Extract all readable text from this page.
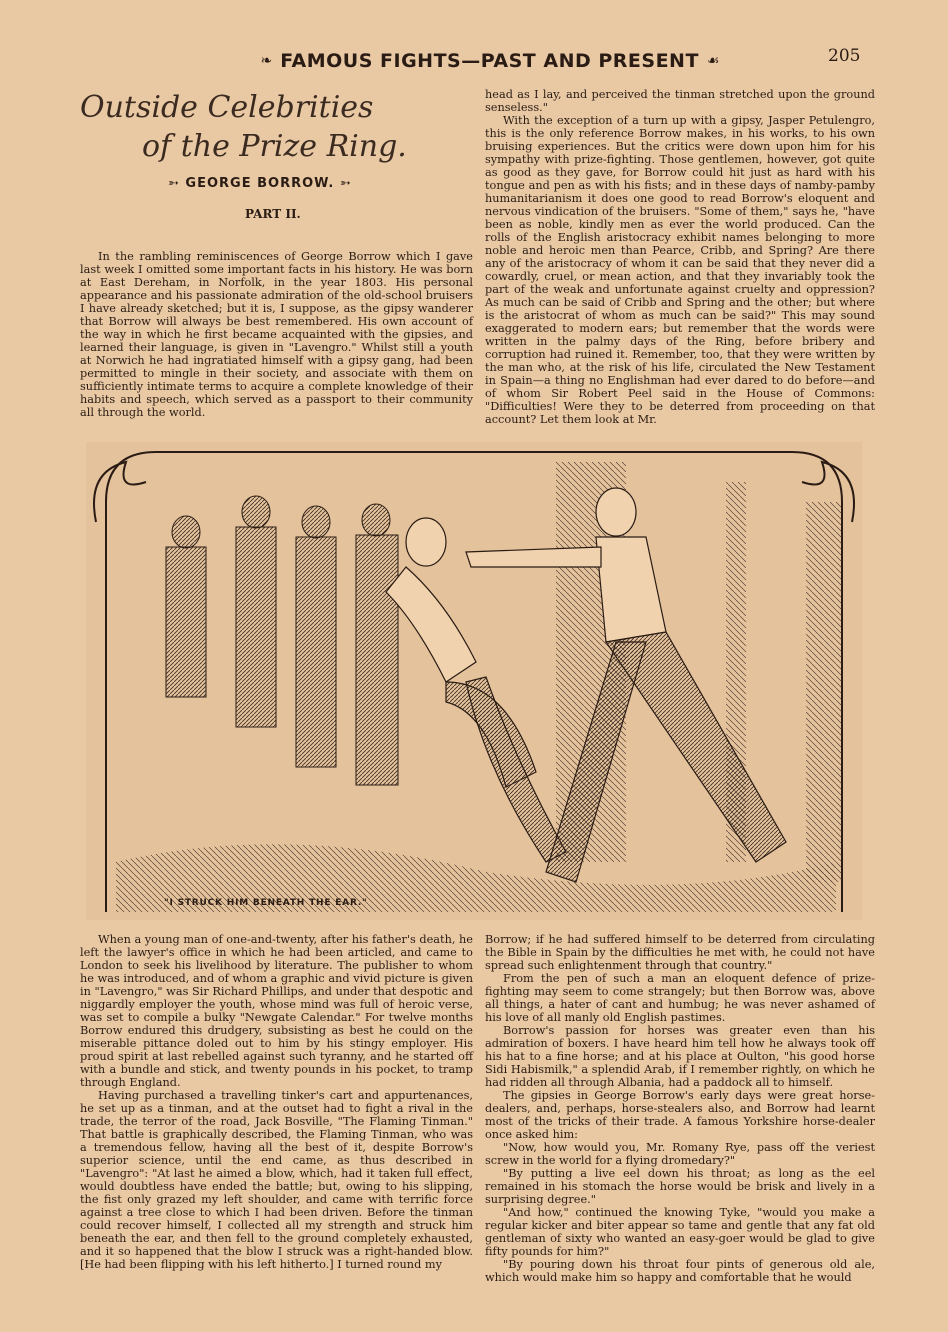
❧ FAMOUS FIGHTS—PAST AND PRESENT ☙	205
Outside Celebrities
of the Prize Ring.
➳ GEORGE BORROW. ➳
PART II.

In the rambling reminiscences of George Borrow which I gave last week I omitted some important facts in his history. He was born at East Dereham, in Norfolk, in the year 1803. His personal appearance and his passionate admiration of the old-school bruisers I have already sketched; but it is, I suppose, as the gipsy wanderer that Borrow will always be best remembered. His own account of the way in which he first became acquainted with the gipsies, and learned their language, is given in "Lavengro." Whilst still a youth at Norwich he had ingratiated himself with a gipsy gang, had been permitted to mingle in their society, and associate with them on sufficiently intimate terms to acquire a complete knowledge of their habits and speech, which served as a passport to their community all through the world.

head as I lay, and perceived the tinman stretched upon the ground senseless."

With the exception of a turn up with a gipsy, Jasper Petulengro, this is the only reference Borrow makes, in his works, to his own bruising experiences. But the critics were down upon him for his sympathy with prize-fighting. Those gentlemen, however, got quite as good as they gave, for Borrow could hit just as hard with his tongue and pen as with his fists; and in these days of namby-pamby humanitarianism it does one good to read Borrow's eloquent and nervous vindication of the bruisers. "Some of them," says he, "have been as noble, kindly men as ever the world produced. Can the rolls of the English aristocracy exhibit names belonging to more noble and heroic men than Pearce, Cribb, and Spring? Are there any of the aristocracy of whom it can be said that they never did a cowardly, cruel, or mean action, and that they invariably took the part of the weak and unfortunate against cruelty and oppression? As much can be said of Cribb and Spring and the other; but where is the aristocrat of whom as much can be said?" This may sound exaggerated to modern ears; but remember that the words were written in the palmy days of the Ring, before bribery and corruption had ruined it. Remember, too, that they were written by the man who, at the risk of his life, circulated the New Testament in Spain—a thing no Englishman had ever dared to do before—and of whom Sir Robert Peel said in the House of Commons: "Difficulties! Were they to be deterred from proceeding on that account? Let them look at Mr.

"I STRUCK HIM BENEATH THE EAR."

When a young man of one-and-twenty, after his father's death, he left the lawyer's office in which he had been articled, and came to London to seek his livelihood by literature. The publisher to whom he was introduced, and of whom a graphic and vivid picture is given in "Lavengro," was Sir Richard Phillips, and under that despotic and niggardly employer the youth, whose mind was full of heroic verse, was set to compile a bulky "Newgate Calendar." For twelve months Borrow endured this drudgery, subsisting as best he could on the miserable pittance doled out to him by his stingy employer. His proud spirit at last rebelled against such tyranny, and he started off with a bundle and stick, and twenty pounds in his pocket, to tramp through England.

Having purchased a travelling tinker's cart and appurtenances, he set up as a tinman, and at the outset had to fight a rival in the trade, the terror of the road, Jack Bosville, "The Flaming Tinman." That battle is graphically described, the Flaming Tinman, who was a tremendous fellow, having all the best of it, despite Borrow's superior science, until the end came, as thus described in "Lavengro": "At last he aimed a blow, which, had it taken full effect, would doubtless have ended the battle; but, owing to his slipping, the fist only grazed my left shoulder, and came with terrific force against a tree close to which I had been driven. Before the tinman could recover himself, I collected all my strength and struck him beneath the ear, and then fell to the ground completely exhausted, and it so happened that the blow I struck was a right-handed blow. [He had been flipping with his left hitherto.] I turned round my

Borrow; if he had suffered himself to be deterred from circulating the Bible in Spain by the difficulties he met with, he could not have spread such enlightenment through that country."

From the pen of such a man an eloquent defence of prize-fighting may seem to come strangely; but then Borrow was, above all things, a hater of cant and humbug; he was never ashamed of his love of all manly old English pastimes.

Borrow's passion for horses was greater even than his admiration of boxers. I have heard him tell how he always took off his hat to a fine horse; and at his place at Oulton, "his good horse Sidi Habismilk," a splendid Arab, if I remember rightly, on which he had ridden all through Albania, had a paddock all to himself.

The gipsies in George Borrow's early days were great horse-dealers, and, perhaps, horse-stealers also, and Borrow had learnt most of the tricks of their trade. A famous Yorkshire horse-dealer once asked him:

"Now, how would you, Mr. Romany Rye, pass off the veriest screw in the world for a flying dromedary?"

"By putting a live eel down his throat; as long as the eel remained in his stomach the horse would be brisk and lively in a surprising degree."

"And how," continued the knowing Tyke, "would you make a regular kicker and biter appear so tame and gentle that any fat old gentleman of sixty who wanted an easy-goer would be glad to give fifty pounds for him?"

"By pouring down his throat four pints of generous old ale, which would make him so happy and comfortable that he would
